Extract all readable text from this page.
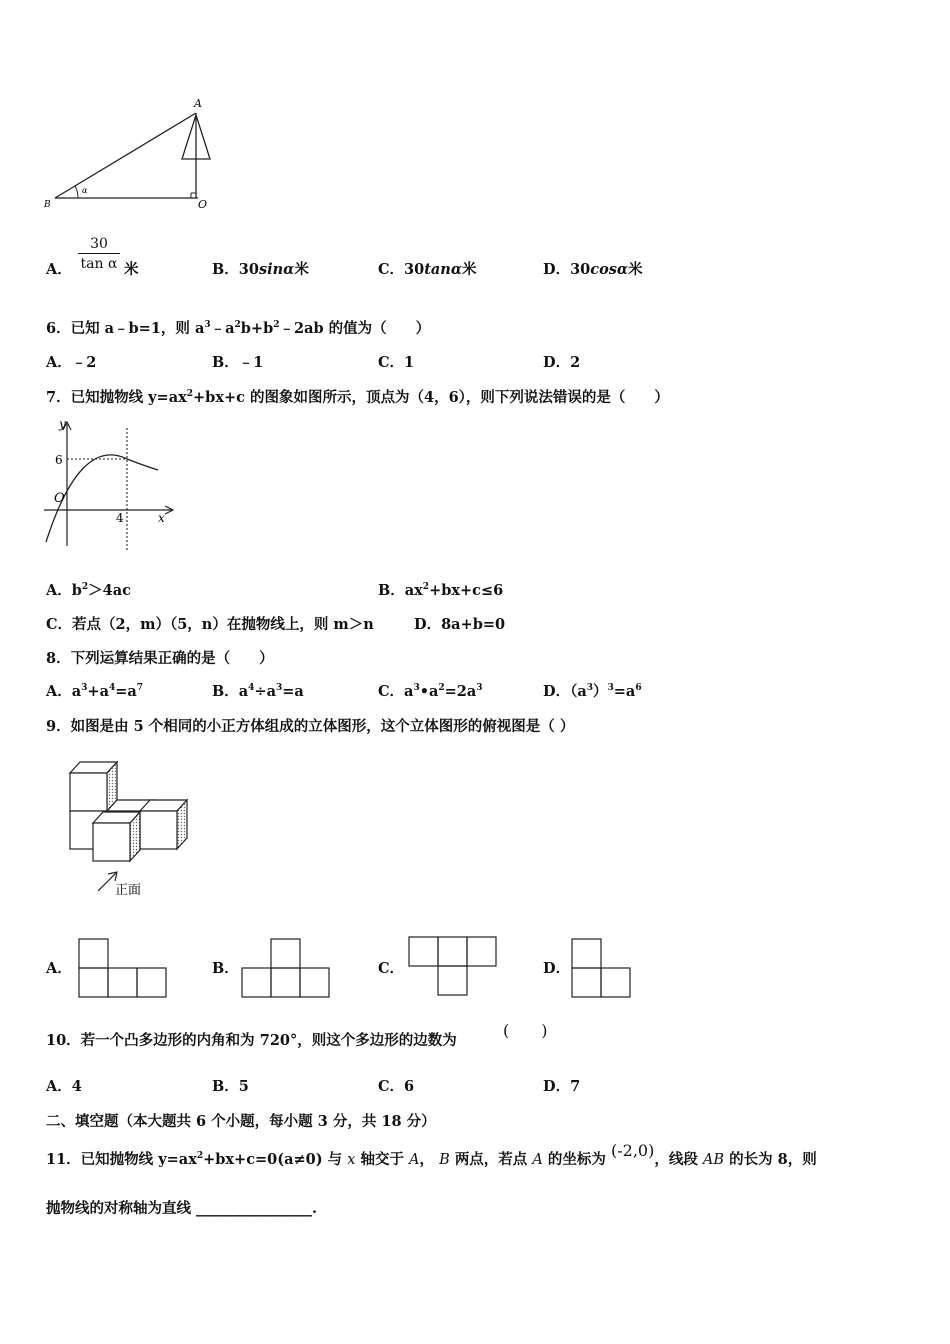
A
B	O
α
A． $\frac{30}{\text{tan α}}$ 米	B．30sinα米	C．30tanα米	D．30cosα米
6．已知 a﹣b=1，则 $a^3﹣a^2b+b^2﹣2ab$ 的值为（　　）
A．﹣2	B．﹣1	C．1	D．2
7．已知抛物线 $y=ax^2+bx+c$ 的图象如图所示，顶点为（4，6），则下列说法错误的是（　　）
y
x
O
6
4
A．$b^2>4ac$	B．$ax^2+bx+c\le 6$
C．若点（2，m）（5，n）在抛物线上，则 m＞n	D．8a+b=0
8．下列运算结果正确的是（　　）
A．$a^3+a^4=a^7$	B．$a^4\div a^3=a$	C．$a^3•a^2=2a^3$	D．$(a^3)^3=a^6$
9．如图是由 5 个相同的小正方体组成的立体图形，这个立体图形的俯视图是（ ）
正面
A．	B．	C．	D．
10．若一个凸多边形的内角和为 720°，则这个多边形的边数为
(　　)
A．4	B．5	C．6	D．7
二、填空题（本大题共 6 个小题，每小题 3 分，共 18 分）
11．已知抛物线 $y=ax^2+bx+c=0(a\ne 0)$ 与 x 轴交于 A， B 两点，若点 A 的坐标为 (-2,0)，线段 AB 的长为 8，则
抛物线的对称轴为直线 ________________.
